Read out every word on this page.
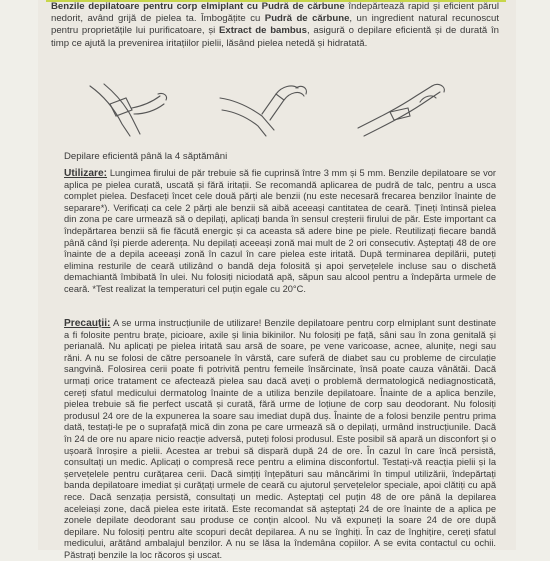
Benzile depilatoare pentru corp elmiplant cu Pudră de cărbune îndepărtează rapid și eficient părul nedorit, având grijă de pielea ta. Îmbogățite cu Pudră de cărbune, un ingredient natural recunoscut pentru proprietățile lui purificatoare, și Extract de bambus, asigură o depilare eficientă și de durată în timp ce ajută la prevenirea iritațiilor pielii, lăsând pielea netedă și hidratată.

Depilare eficientă până la 4 săptămâni

Utilizare: Lungimea firului de păr trebuie să fie cuprinsă între 3 mm și 5 mm. Benzile depilatoare se vor aplica pe pielea curată, uscată și fără iritații. Se recomandă aplicarea de pudră de talc, pentru a usca complet pielea. Desfaceți încet cele două părți ale benzii (nu este necesară frecarea benzilor înainte de separare*). Verificați ca cele 2 părți ale benzii să aibă aceeași cantitatea de ceară. Țineți întinsă pielea din zona pe care urmează să o depilați, aplicați banda în sensul creșterii firului de păr. Este important ca îndepărtarea benzii să fie făcută energic și ca aceasta să adere bine pe piele. Reutilizați fiecare bandă până când își pierde aderența. Nu depilați aceeași zonă mai mult de 2 ori consecutiv. Așteptați 48 de ore înainte de a depila aceeași zonă în cazul în care pielea este iritată. După terminarea depilării, puteți elimina resturile de ceară utilizând o bandă deja folosită și apoi șervețelele incluse sau o dischetă demachiantă îmbibată în ulei. Nu folosiți niciodată apă, săpun sau alcool pentru a îndepărta urmele de ceară. *Test realizat la temperaturi cel puțin egale cu 20°C.

Precauții: A se urma instrucțiunile de utilizare! Benzile depilatoare pentru corp elmiplant sunt destinate a fi folosite pentru brațe, picioare, axile și linia bikinilor. Nu folosiți pe față, sâni sau în zona genitală și perianală. Nu aplicați pe pielea iritată sau arsă de soare, pe vene varicoase, acnee, alunițe, negi sau răni. A nu se folosi de către persoanele în vârstă, care suferă de diabet sau cu probleme de circulație sangvină. Folosirea cerii poate fi potrivită pentru femeile însărcinate, însă poate cauza vânătăi. Dacă urmați orice tratament ce afectează pielea sau dacă aveți o problemă dermatologică nediagnosticată, cereți sfatul medicului dermatolog înainte de a utiliza benzile depilatoare. Înainte de a aplica benzile, pielea trebuie să fie perfect uscată și curată, fără urme de loțiune de corp sau deodorant. Nu folosiți produsul 24 ore de la expunerea la soare sau imediat după duș. Înainte de a folosi benzile pentru prima dată, testați-le pe o suprafață mică din zona pe care urmează să o depilați, urmând instrucțiunile. Dacă în 24 de ore nu apare nicio reacție adversă, puteți folosi produsul. Este posibil să apară un disconfort și o ușoară înroșire a pielii. Acestea ar trebui să dispară după 24 de ore. În cazul în care încă persistă, consultați un medic. Aplicați o compresă rece pentru a elimina disconfortul. Testați-vă reacția pielii și la șervețelele pentru curățarea cerii. Dacă simțiți înțepături sau mâncărimi în timpul utilizării, îndepărtați banda depilatoare imediat și curățați urmele de ceară cu ajutorul șervețelelor speciale, apoi clătiți cu apă rece. Dacă senzația persistă, consultați un medic. Așteptați cel puțin 48 de ore până la depilarea aceleiași zone, dacă pielea este iritată. Este recomandat să așteptați 24 de ore înainte de a aplica pe zonele depilate deodorant sau produse ce conțin alcool. Nu vă expuneți la soare 24 de ore după depilare. Nu folosiți pentru alte scopuri decât depilarea. A nu se înghiți. În caz de înghițire, cereți sfatul medicului, arătând ambalajul benzilor. A nu se lăsa la îndemâna copiilor. A se evita contactul cu ochii. Păstrați benzile la loc răcoros și uscat.
